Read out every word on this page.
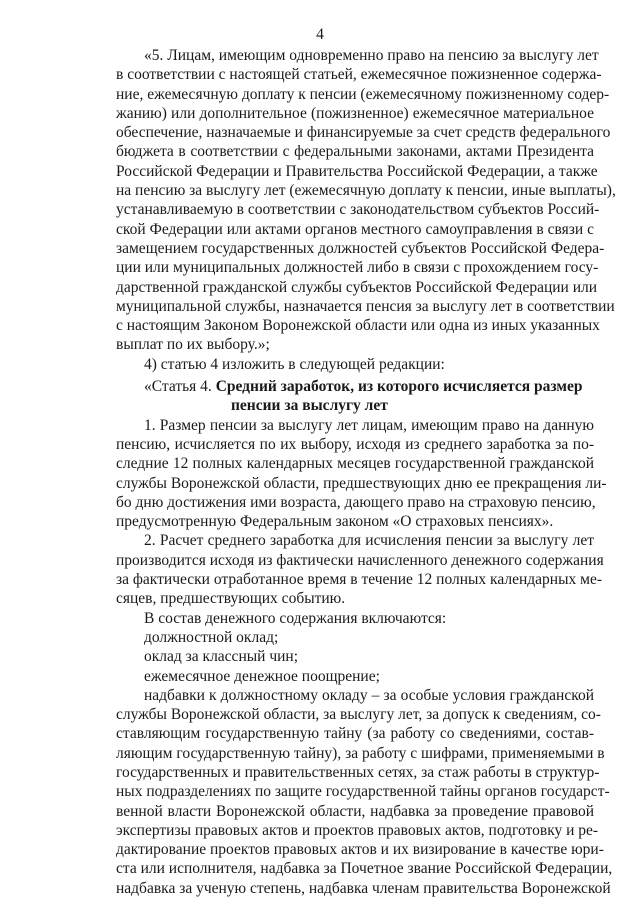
4
«5. Лицам, имеющим одновременно право на пенсию за выслугу лет
в соответствии с настоящей статьей, ежемесячное пожизненное содержа-
ние, ежемесячную доплату к пенсии (ежемесячному пожизненному содер-
жанию) или дополнительное (пожизненное) ежемесячное материальное
обеспечение, назначаемые и финансируемые за счет средств федерального
бюджета в соответствии с федеральными законами, актами Президента
Российской Федерации и Правительства Российской Федерации, а также
на пенсию за выслугу лет (ежемесячную доплату к пенсии, иные выплаты),
устанавливаемую в соответствии с законодательством субъектов Россий-
ской Федерации или актами органов местного самоуправления в связи с
замещением государственных должностей субъектов Российской Федера-
ции или муниципальных должностей либо в связи с прохождением госу-
дарственной гражданской службы субъектов Российской Федерации или
муниципальной службы, назначается пенсия за выслугу лет в соответствии
с настоящим Законом Воронежской области или одна из иных указанных
выплат по их выбору.»;
4) статью 4 изложить в следующей редакции:
«Статья 4. Средний заработок, из которого исчисляется размер
пенсии за выслугу лет
1. Размер пенсии за выслугу лет лицам, имеющим право на данную
пенсию, исчисляется по их выбору, исходя из среднего заработка за по-
следние 12 полных календарных месяцев государственной гражданской
службы Воронежской области, предшествующих дню ее прекращения ли-
бо дню достижения ими возраста, дающего право на страховую пенсию,
предусмотренную Федеральным законом «О страховых пенсиях».
2. Расчет среднего заработка для исчисления пенсии за выслугу лет
производится исходя из фактически начисленного денежного содержания
за фактически отработанное время в течение 12 полных календарных ме-
сяцев, предшествующих событию.
В состав денежного содержания включаются:
должностной оклад;
оклад за классный чин;
ежемесячное денежное поощрение;
надбавки к должностному окладу – за особые условия гражданской
службы Воронежской области, за выслугу лет, за допуск к сведениям, со-
ставляющим государственную тайну (за работу со сведениями, состав-
ляющим государственную тайну), за работу с шифрами, применяемыми в
государственных и правительственных сетях, за стаж работы в структур-
ных подразделениях по защите государственной тайны органов государст-
венной власти Воронежской области, надбавка за проведение правовой
экспертизы правовых актов и проектов правовых актов, подготовку и ре-
дактирование проектов правовых актов и их визирование в качестве юри-
ста или исполнителя, надбавка за Почетное звание Российской Федерации,
надбавка за ученую степень, надбавка членам правительства Воронежской
